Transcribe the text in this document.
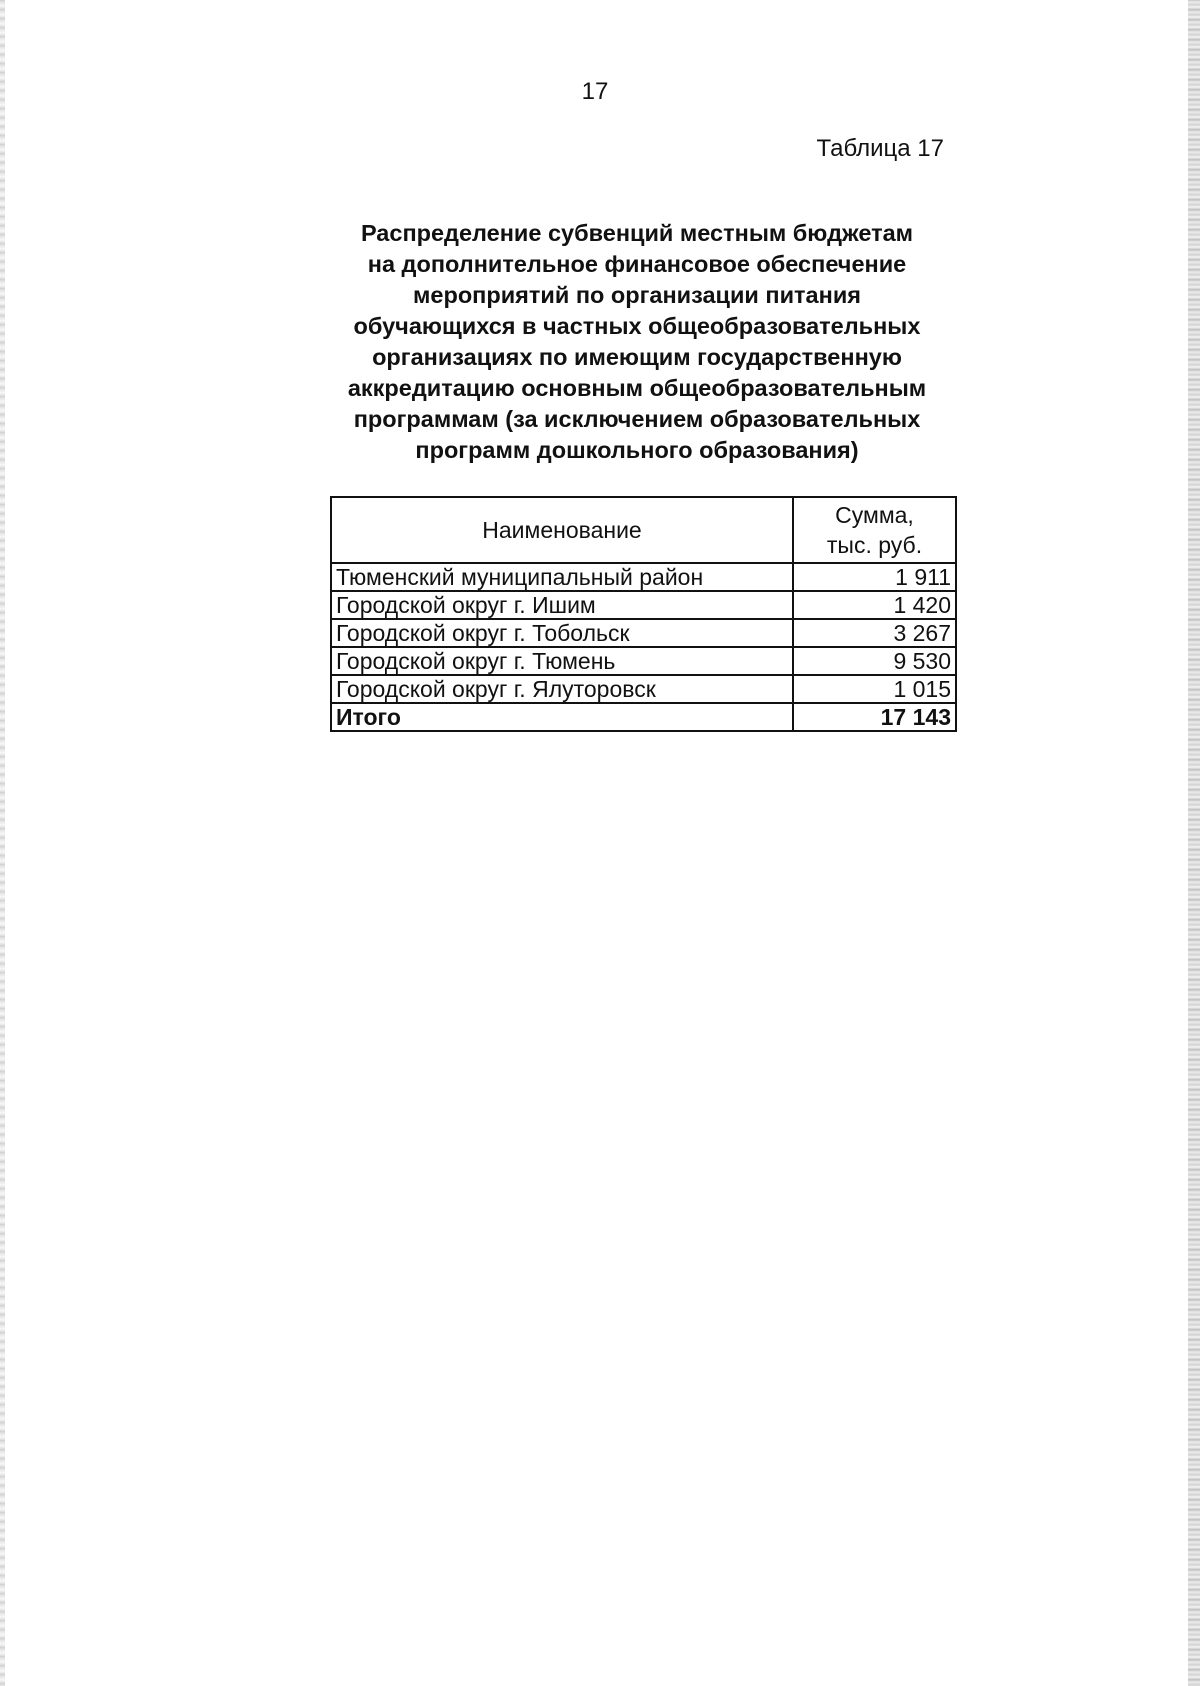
17
Таблица 17
Распределение субвенций местным бюджетам
на дополнительное финансовое обеспечение
мероприятий по организации питания
обучающихся в частных общеобразовательных
организациях по имеющим государственную
аккредитацию основным общеобразовательным
программам (за исключением образовательных
программ дошкольного образования)
Наименование	Сумма,
тыс. руб.
Тюменский муниципальный район	1 911
Городской округ г. Ишим	1 420
Городской округ г. Тобольск	3 267
Городской округ г. Тюмень	9 530
Городской округ г. Ялуторовск	1 015
Итого	17 143
